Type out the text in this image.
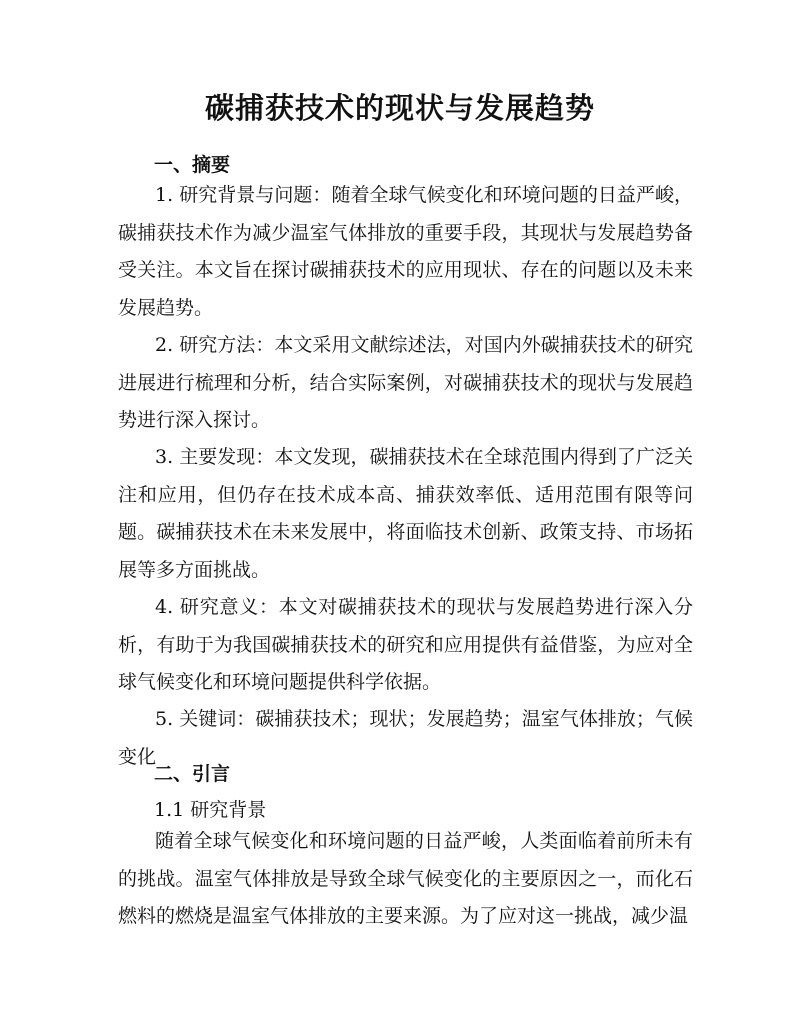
碳捕获技术的现状与发展趋势
一、摘要

1. 研究背景与问题：随着全球气候变化和环境问题的日益严峻，碳捕获技术作为减少温室气体排放的重要手段，其现状与发展趋势备受关注。本文旨在探讨碳捕获技术的应用现状、存在的问题以及未来发展趋势。

2. 研究方法：本文采用文献综述法，对国内外碳捕获技术的研究进展进行梳理和分析，结合实际案例，对碳捕获技术的现状与发展趋势进行深入探讨。

3. 主要发现：本文发现，碳捕获技术在全球范围内得到了广泛关注和应用，但仍存在技术成本高、捕获效率低、适用范围有限等问题。碳捕获技术在未来发展中，将面临技术创新、政策支持、市场拓展等多方面挑战。

4. 研究意义：本文对碳捕获技术的现状与发展趋势进行深入分析，有助于为我国碳捕获技术的研究和应用提供有益借鉴，为应对全球气候变化和环境问题提供科学依据。

5. 关键词：碳捕获技术；现状；发展趋势；温室气体排放；气候变化

二、引言
1.1 研究背景

随着全球气候变化和环境问题的日益严峻，人类面临着前所未有的挑战。温室气体排放是导致全球气候变化的主要原因之一，而化石燃料的燃烧是温室气体排放的主要来源。为了应对这一挑战，减少温
